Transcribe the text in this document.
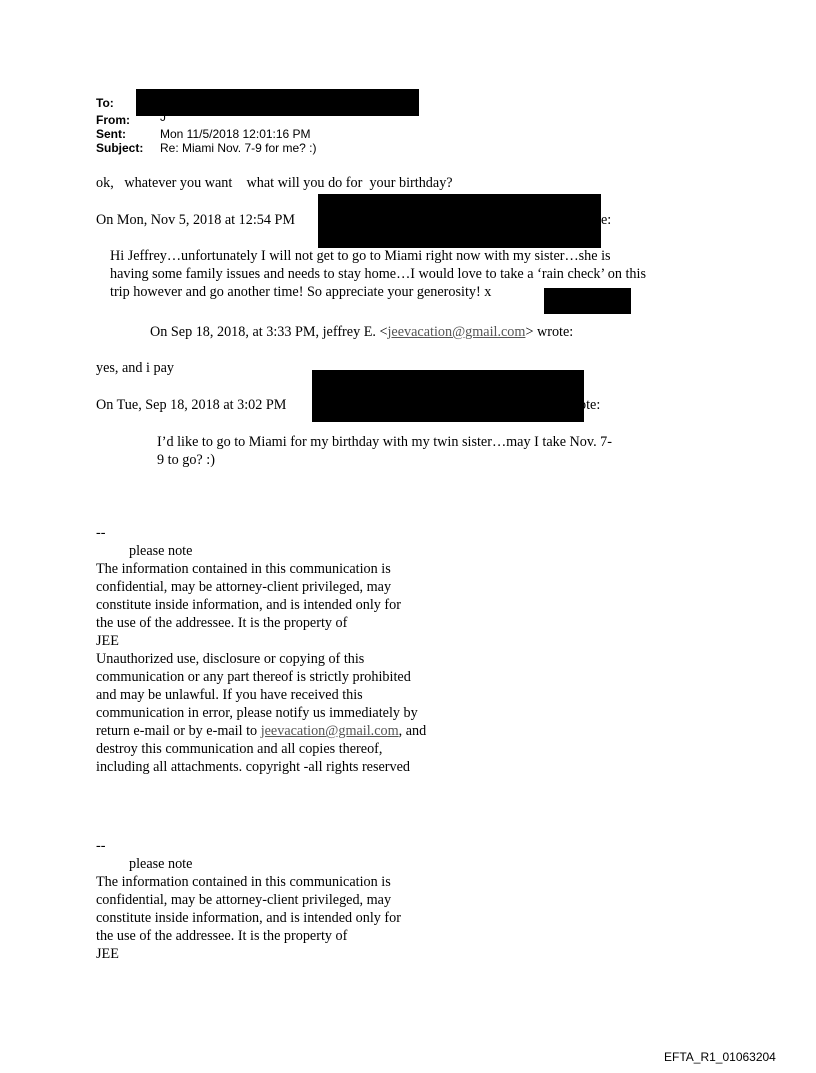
To:
From:	J
Sent:	Mon 11/5/2018 12:01:16 PM
Subject: Re: Miami Nov. 7-9 for me? :)
ok,   whatever you want    what will you do for  your birthday?
On Mon, Nov 5, 2018 at 12:54 PM	e:
Hi Jeffrey…unfortunately I will not get to go to Miami right now with my sister…she is
having some family issues and needs to stay home…I would love to take a ‘rain check’ on this
trip however and go another time! So appreciate your generosity! x
On Sep 18, 2018, at 3:33 PM, jeffrey E. <jeevacation@gmail.com> wrote:
yes, and i pay
On Tue, Sep 18, 2018 at 3:02 PM	ote:
I’d like to go to Miami for my birthday with my twin sister…may I take Nov. 7-
9 to go? :)
--
please note
The information contained in this communication is
confidential, may be attorney-client privileged, may
constitute inside information, and is intended only for
the use of the addressee. It is the property of
JEE
Unauthorized use, disclosure or copying of this
communication or any part thereof is strictly prohibited
and may be unlawful. If you have received this
communication in error, please notify us immediately by
return e-mail or by e-mail to jeevacation@gmail.com, and
destroy this communication and all copies thereof,
including all attachments. copyright -all rights reserved
--
please note
The information contained in this communication is
confidential, may be attorney-client privileged, may
constitute inside information, and is intended only for
the use of the addressee. It is the property of
JEE
EFTA_R1_01063204
